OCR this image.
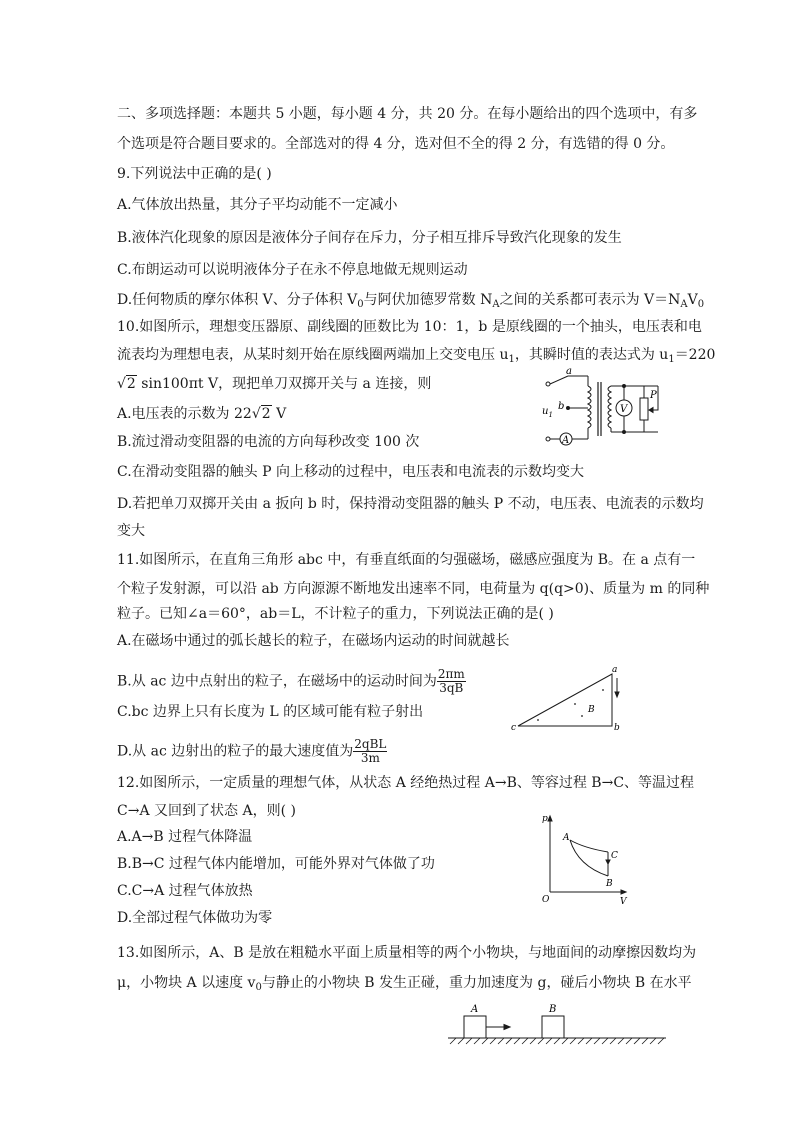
二、多项选择题：本题共 5 小题，每小题 4 分，共 20 分。在每小题给出的四个选项中，有多
个选项是符合题目要求的。全部选对的得 4 分，选对但不全的得 2 分，有选错的得 0 分。
9.下列说法中正确的是( )
A.气体放出热量，其分子平均动能不一定减小
B.液体汽化现象的原因是液体分子间存在斥力，分子相互排斥导致汽化现象的发生
C.布朗运动可以说明液体分子在永不停息地做无规则运动
D.任何物质的摩尔体积 V、分子体积 $V_0$与阿伏加德罗常数 $N_A$之间的关系都可表示为 $V=N_AV_0$
10.如图所示，理想变压器原、副线圈的匝数比为 10：1，b 是原线圈的一个抽头，电压表和电
流表均为理想电表，从某时刻开始在原线圈两端加上交变电压 $u_1$，其瞬时值的表达式为 $u_1=220$
√2 sin100πt V，现把单刀双掷开关与 a 连接，则
A.电压表的示数为 22√2 V
B.流过滑动变阻器的电流的方向每秒改变 100 次
C.在滑动变阻器的触头 P 向上移动的过程中，电压表和电流表的示数均变大
D.若把单刀双掷开关由 a 扳向 b 时，保持滑动变阻器的触头 P 不动，电压表、电流表的示数均
变大
a
b
$u_1$	V
A
P
11.如图所示，在直角三角形 abc 中，有垂直纸面的匀强磁场，磁感应强度为 B。在 a 点有一
个粒子发射源，可以沿 ab 方向源源不断地发出速率不同，电荷量为 q(q>0)、质量为 m 的同种
粒子。已知∠a＝60°，ab＝L，不计粒子的重力，下列说法正确的是( )
A.在磁场中通过的弧长越长的粒子，在磁场内运动的时间就越长
B.从 ac 边中点射出的粒子，在磁场中的运动时间为 $\frac{2\pi m}{3qB}$
C.bc 边界上只有长度为 L 的区域可能有粒子射出
D.从 ac 边射出的粒子的最大速度值为 $\frac{\text{2qBL}}{3m}$
a
b
c
B
12.如图所示，一定质量的理想气体，从状态 A 经绝热过程 A→B、等容过程 B→C、等温过程
C→A 又回到了状态 A，则( )
A.A→B 过程气体降温
B.B→C 过程气体内能增加，可能外界对气体做了功
C.C→A 过程气体放热
D.全部过程气体做功为零
p
V
O
A
B
C
13.如图所示，A、B 是放在粗糙水平面上质量相等的两个小物块，与地面间的动摩擦因数均为
μ，小物块 A 以速度 $v_0$与静止的小物块 B 发生正碰，重力加速度为 g，碰后小物块 B 在水平
A	B
